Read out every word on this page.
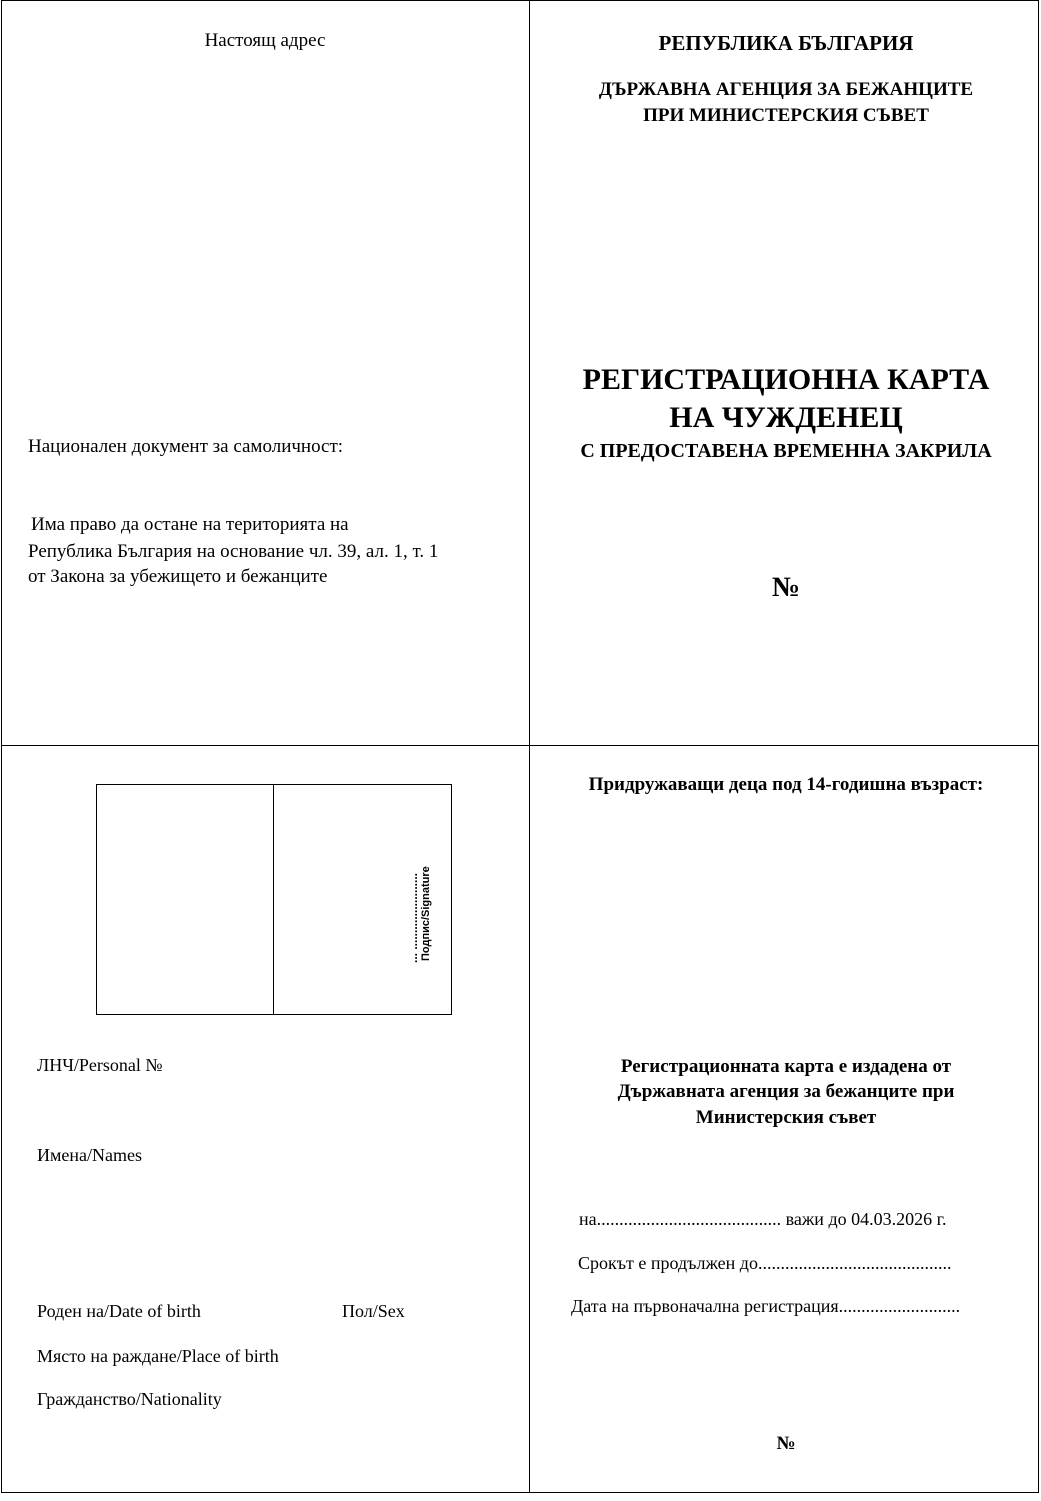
Настоящ адрес
Национален документ за самоличност:
Има право да остане на територията на
Република България на основание чл. 39, ал. 1, т. 1
от Закона за убежището и бежанците
РЕПУБЛИКА БЪЛГАРИЯ
ДЪРЖАВНА АГЕНЦИЯ ЗА БЕЖАНЦИТЕ
ПРИ МИНИСТЕРСКИЯ СЪВЕТ
РЕГИСТРАЦИОННА КАРТА
НА ЧУЖДЕНЕЦ
С ПРЕДОСТАВЕНА ВРЕМЕННА ЗАКРИЛА
№
... ....................... Подпис/Signature
ЛНЧ/Personal №
Имена/Names
Роден на/Date of birth	Пол/Sex
Място на раждане/Place of birth
Гражданство/Nationality
Придружаващи деца под 14-годишна възраст:
Регистрационната карта е издадена от
Държавната агенция за бежанците при
Министерския съвет
на......................................... важи до 04.03.2026 г.
Срокът е продължен до...........................................
Дата на първоначална регистрация...........................
№
